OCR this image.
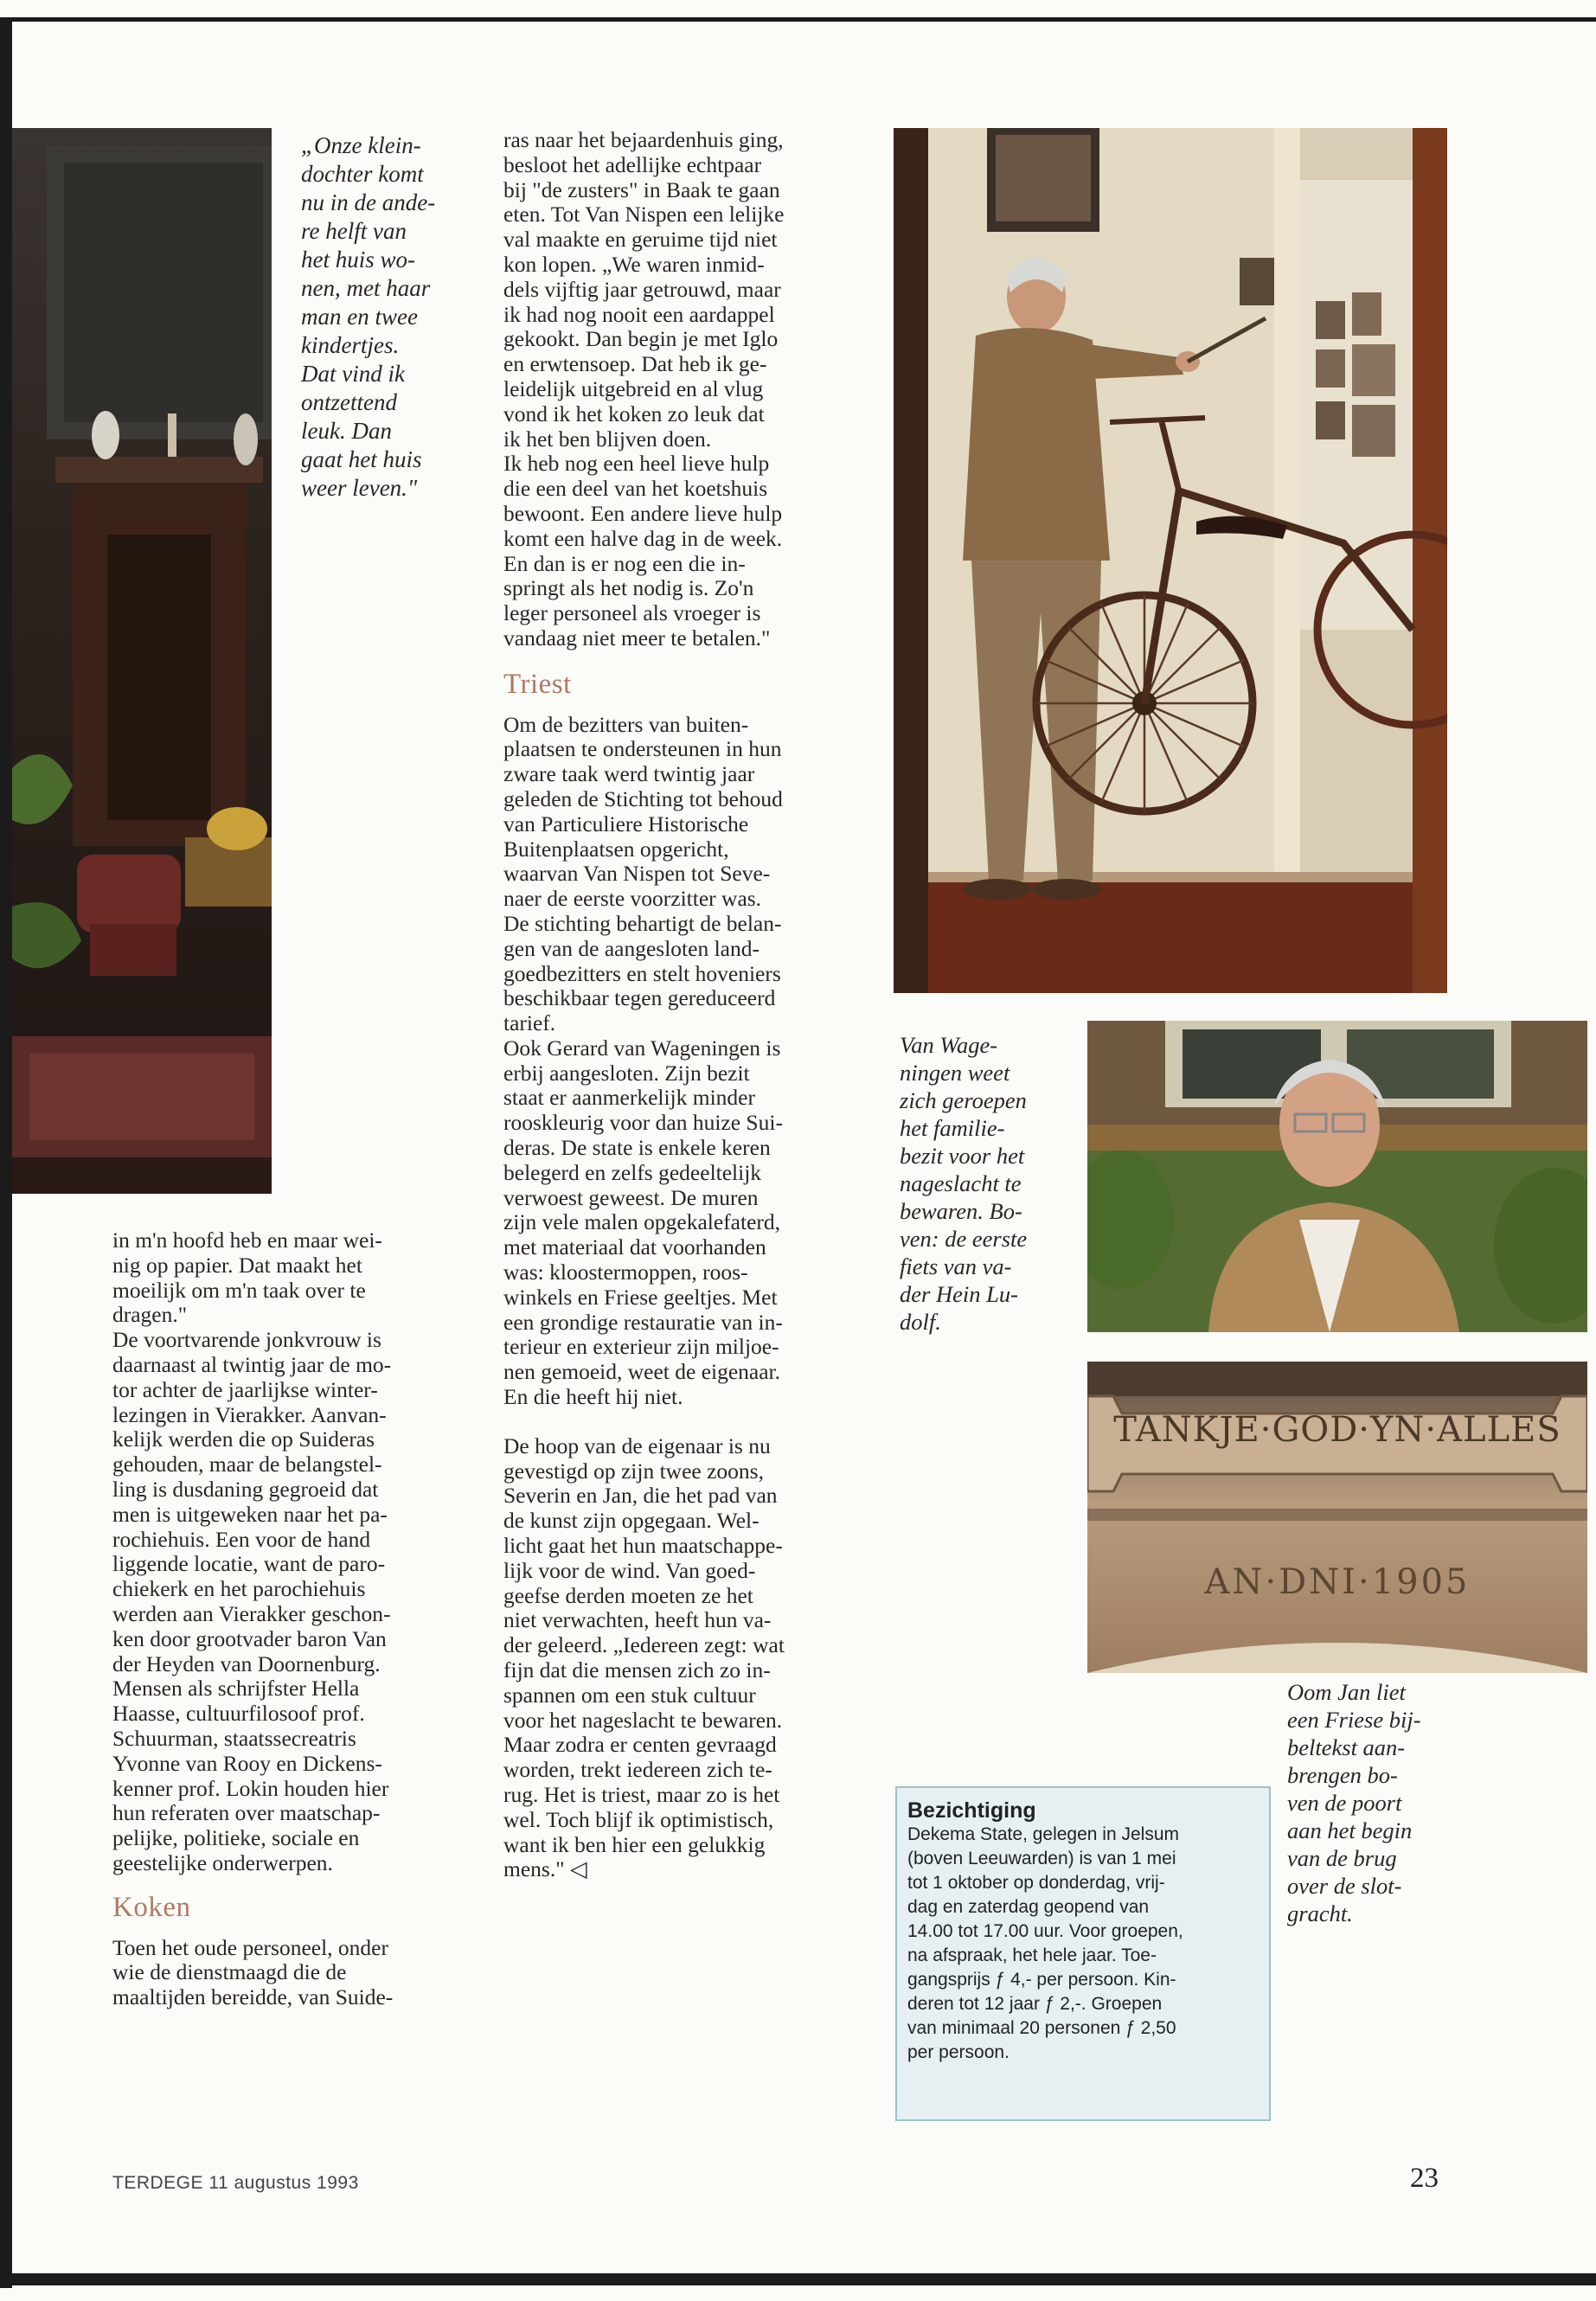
„Onze klein-
dochter komt
nu in de ande-
re helft van
het huis wo-
nen, met haar
man en twee
kindertjes.
Dat vind ik
ontzettend
leuk. Dan
gaat het huis
weer leven."

in m'n hoofd heb en maar wei-
nig op papier. Dat maakt het
moeilijk om m'n taak over te
dragen."

De voortvarende jonkvrouw is
daarnaast al twintig jaar de mo-
tor achter de jaarlijkse winter-
lezingen in Vierakker. Aanvan-
kelijk werden die op Suideras
gehouden, maar de belangstel-
ling is dusdaning gegroeid dat
men is uitgeweken naar het pa-
rochiehuis. Een voor de hand
liggende locatie, want de paro-
chiekerk en het parochiehuis
werden aan Vierakker geschon-
ken door grootvader baron Van
der Heyden van Doornenburg.
Mensen als schrijfster Hella
Haasse, cultuurfilosoof prof.
Schuurman, staatssecreatris
Yvonne van Rooy en Dickens-
kenner prof. Lokin houden hier
hun referaten over maatschap-
pelijke, politieke, sociale en
geestelijke onderwerpen.

Koken

Toen het oude personeel, onder
wie de dienstmaagd die de
maaltijden bereidde, van Suide-

ras naar het bejaardenhuis ging,
besloot het adellijke echtpaar
bij "de zusters" in Baak te gaan
eten. Tot Van Nispen een lelijke
val maakte en geruime tijd niet
kon lopen. „We waren inmid-
dels vijftig jaar getrouwd, maar
ik had nog nooit een aardappel
gekookt. Dan begin je met Iglo
en erwtensoep. Dat heb ik ge-
leidelijk uitgebreid en al vlug
vond ik het koken zo leuk dat
ik het ben blijven doen.

Ik heb nog een heel lieve hulp
die een deel van het koetshuis
bewoont. Een andere lieve hulp
komt een halve dag in de week.
En dan is er nog een die in-
springt als het nodig is. Zo'n
leger personeel als vroeger is
vandaag niet meer te betalen."

Triest

Om de bezitters van buiten-
plaatsen te ondersteunen in hun
zware taak werd twintig jaar
geleden de Stichting tot behoud
van Particuliere Historische
Buitenplaatsen opgericht,
waarvan Van Nispen tot Seve-
naer de eerste voorzitter was.

De stichting behartigt de belan-
gen van de aangesloten land-
goedbezitters en stelt hoveniers
beschikbaar tegen gereduceerd
tarief.

Ook Gerard van Wageningen is
erbij aangesloten. Zijn bezit
staat er aanmerkelijk minder
rooskleurig voor dan huize Sui-
deras. De state is enkele keren
belegerd en zelfs gedeeltelijk
verwoest geweest. De muren
zijn vele malen opgekalefaterd,
met materiaal dat voorhanden
was: kloostermoppen, roos-
winkels en Friese geeltjes. Met
een grondige restauratie van in-
terieur en exterieur zijn miljoe-
nen gemoeid, weet de eigenaar.
En die heeft hij niet.

De hoop van de eigenaar is nu
gevestigd op zijn twee zoons,
Severin en Jan, die het pad van
de kunst zijn opgegaan. Wel-
licht gaat het hun maatschappe-
lijk voor de wind. Van goed-
geefse derden moeten ze het
niet verwachten, heeft hun va-
der geleerd. „Iedereen zegt: wat
fijn dat die mensen zich zo in-
spannen om een stuk cultuur
voor het nageslacht te bewaren.
Maar zodra er centen gevraagd
worden, trekt iedereen zich te-
rug. Het is triest, maar zo is het
wel. Toch blijf ik optimistisch,
want ik ben hier een gelukkig
mens." ◁

Van Wage-
ningen weet
zich geroepen
het familie-
bezit voor het
nageslacht te
bewaren. Bo-
ven: de eerste
fiets van va-
der Hein Lu-
dolf.
TANKJE·GOD·YN·ALLES
AN·DNI·1905
Oom Jan liet
een Friese bij-
beltekst aan-
brengen bo-
ven de poort
aan het begin
van de brug
over de slot-
gracht.
Bezichtiging
Dekema State, gelegen in Jelsum
(boven Leeuwarden) is van 1 mei
tot 1 oktober op donderdag, vrij-
dag en zaterdag geopend van
14.00 tot 17.00 uur. Voor groepen,
na afspraak, het hele jaar. Toe-
gangsprijs ƒ 4,- per persoon. Kin-
deren tot 12 jaar ƒ 2,-. Groepen
van minimaal 20 personen ƒ 2,50
per persoon.
TERDEGE 11 augustus 1993	23
